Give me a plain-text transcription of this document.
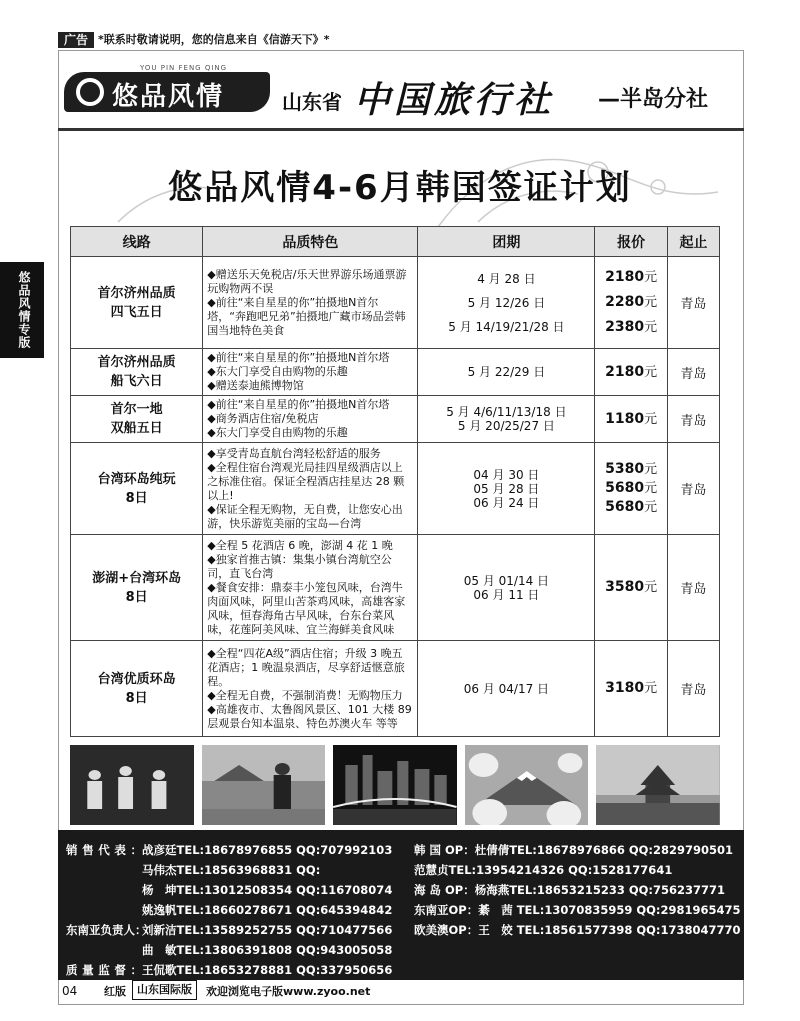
广告 *联系时敬请说明，您的信息来自《信游天下》*
悠品风情专版
YOU PIN FENG QING
悠品风情	山东省 中国旅行社 —半岛分社
悠品风情4-6月韩国签证计划
线路	品质特色	团期	报价	起止

首尔济州品质
四飞五日	◆赠送乐天免税店/乐天世界游乐场通票游玩购物两不误
◆前往“来自星星的你”拍摄地N首尔塔，“奔跑吧兄弟”拍摄地广藏市场品尝韩国当地特色美食	4 月 28 日
5 月 12/26 日
5 月 14/19/21/28 日	2180元
2280元
2380元	青岛

首尔济州品质
船飞六日	◆前往“来自星星的你”拍摄地N首尔塔
◆东大门享受自由购物的乐趣
◆赠送泰迪熊博物馆	5 月 22/29 日	2180元	青岛

首尔一地
双船五日	◆前往“来自星星的你”拍摄地N首尔塔
◆商务酒店住宿/免税店
◆东大门享受自由购物的乐趣	5 月 4/6/11/13/18 日
5 月 20/25/27 日	1180元	青岛

台湾环岛纯玩
8日	◆享受青岛直航台湾轻松舒适的服务
◆全程住宿台湾观光局挂四星级酒店以上之标准住宿。保证全程酒店挂星达 28 颗以上!
◆保证全程无购物，无自费，让您安心出游，快乐游览美丽的宝岛—台湾	04 月 30 日
05 月 28 日
06 月 24 日	5380元
5680元
5680元	青岛

澎湖+台湾环岛
8日	◆全程 5 花酒店 6 晚，澎湖 4 花 1 晚
◆独家首推古镇：集集小镇台湾航空公司，直飞台湾
◆餐食安排：鼎泰丰小笼包风味，台湾牛肉面风味，阿里山苦茶鸡风味，高雄客家风味，恒春海角古早风味，台东台菜风味，花莲阿美风味、宜兰海鲜美食风味	05 月 01/14 日
06 月 11 日	3580元	青岛

台湾优质环岛
8日	◆全程“四花A级”酒店住宿；升级 3 晚五花酒店；1 晚温泉酒店，尽享舒适惬意旅程。
◆全程无自费，不强制消费！无购物压力
◆高雄夜市、太鲁阁风景区、101 大楼 89 层观景台知本温泉、特色苏澳火车 等等	06 月 04/17 日	3180元	青岛
销售代表：战彦廷TEL:18678976855 QQ:707992103
马伟杰TEL:18563968831 QQ:
杨　坤TEL:13012508354 QQ:116708074
姚逸帆TEL:18660278671 QQ:645394842
东南亚负责人：刘新洁TEL:13589252755 QQ:710477566
曲　敏TEL:13806391808 QQ:943005058
质量监督：王侃歌TEL:18653278881 QQ:337950656
韩 国 OP：杜倩倩TEL:18678976866 QQ:2829790501
范慧贞TEL:13954214326 QQ:1528177641
海 岛 OP：杨海燕TEL:18653215233 QQ:756237771
东南亚OP：綦　茜 TEL:13070835959 QQ:2981965475
欧美澳OP：王　姣 TEL:18561577398 QQ:1738047770
04 红版	山东国际版	欢迎浏览电子版www.zyoo.net
